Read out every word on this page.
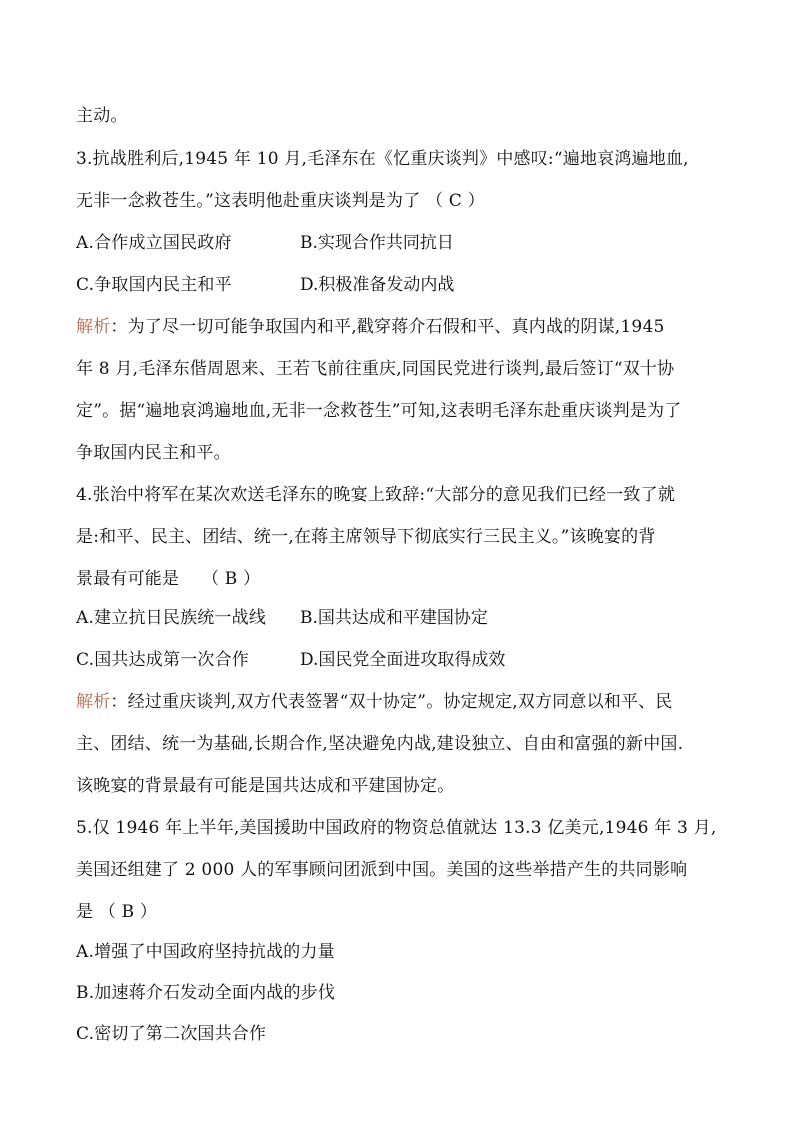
主动。
3.抗战胜利后,1945 年 10 月,毛泽东在《忆重庆谈判》中感叹:“遍地哀鸿遍地血,
无非一念救苍生。”这表明他赴重庆谈判是为了 （ C ）
A.合作成立国民政府	B.实现合作共同抗日
C.争取国内民主和平	D.积极准备发动内战
解析：为了尽一切可能争取国内和平,戳穿蒋介石假和平、真内战的阴谋,1945
年 8 月,毛泽东偕周恩来、王若飞前往重庆,同国民党进行谈判,最后签订“双十协
定”。据“遍地哀鸿遍地血,无非一念救苍生”可知,这表明毛泽东赴重庆谈判是为了
争取国内民主和平。
4.张治中将军在某次欢送毛泽东的晚宴上致辞:“大部分的意见我们已经一致了就
是:和平、民主、团结、统一,在蒋主席领导下彻底实行三民主义。”该晚宴的背
景最有可能是　 （ B ）
A.建立抗日民族统一战线 B.国共达成和平建国协定
C.国共达成第一次合作	D.国民党全面进攻取得成效
解析：经过重庆谈判,双方代表签署“双十协定”。协定规定,双方同意以和平、民
主、团结、统一为基础,长期合作,坚决避免内战,建设独立、自由和富强的新中国.
该晚宴的背景最有可能是国共达成和平建国协定。
5.仅 1946 年上半年,美国援助中国政府的物资总值就达 13.3 亿美元,1946 年 3 月,
美国还组建了 2 000 人的军事顾问团派到中国。美国的这些举措产生的共同影响
是 （ B ）
A.增强了中国政府坚持抗战的力量
B.加速蒋介石发动全面内战的步伐
C.密切了第二次国共合作
